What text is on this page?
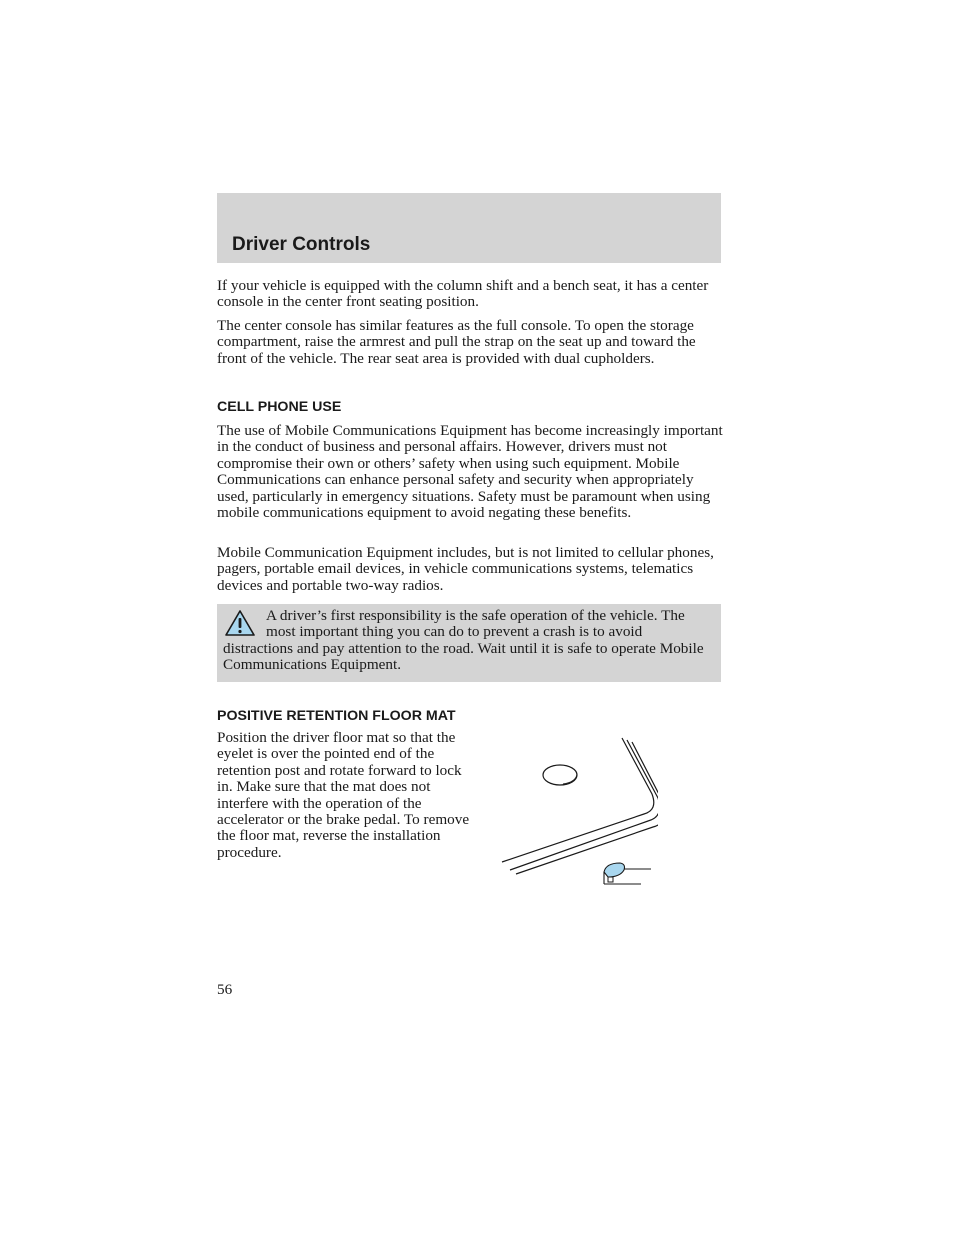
Driver Controls

If your vehicle is equipped with the column shift and a bench seat, it has a center console in the center front seating position.

The center console has similar features as the full console. To open the storage compartment, raise the armrest and pull the strap on the seat up and toward the front of the vehicle. The rear seat area is provided with dual cupholders.

CELL PHONE USE

The use of Mobile Communications Equipment has become increasingly important in the conduct of business and personal affairs. However, drivers must not compromise their own or others’ safety when using such equipment. Mobile Communications can enhance personal safety and security when appropriately used, particularly in emergency situations. Safety must be paramount when using mobile communications equipment to avoid negating these benefits.

Mobile Communication Equipment includes, but is not limited to cellular phones, pagers, portable email devices, in vehicle communications systems, telematics devices and portable two-way radios.

A driver’s first responsibility is the safe operation of the vehicle. The most important thing you can do to prevent a crash is to avoid distractions and pay attention to the road. Wait until it is safe to operate Mobile Communications Equipment.

POSITIVE RETENTION FLOOR MAT

Position the driver floor mat so that the eyelet is over the pointed end of the retention post and rotate forward to lock in. Make sure that the mat does not interfere with the operation of the accelerator or the brake pedal. To remove the floor mat, reverse the installation procedure.

56
